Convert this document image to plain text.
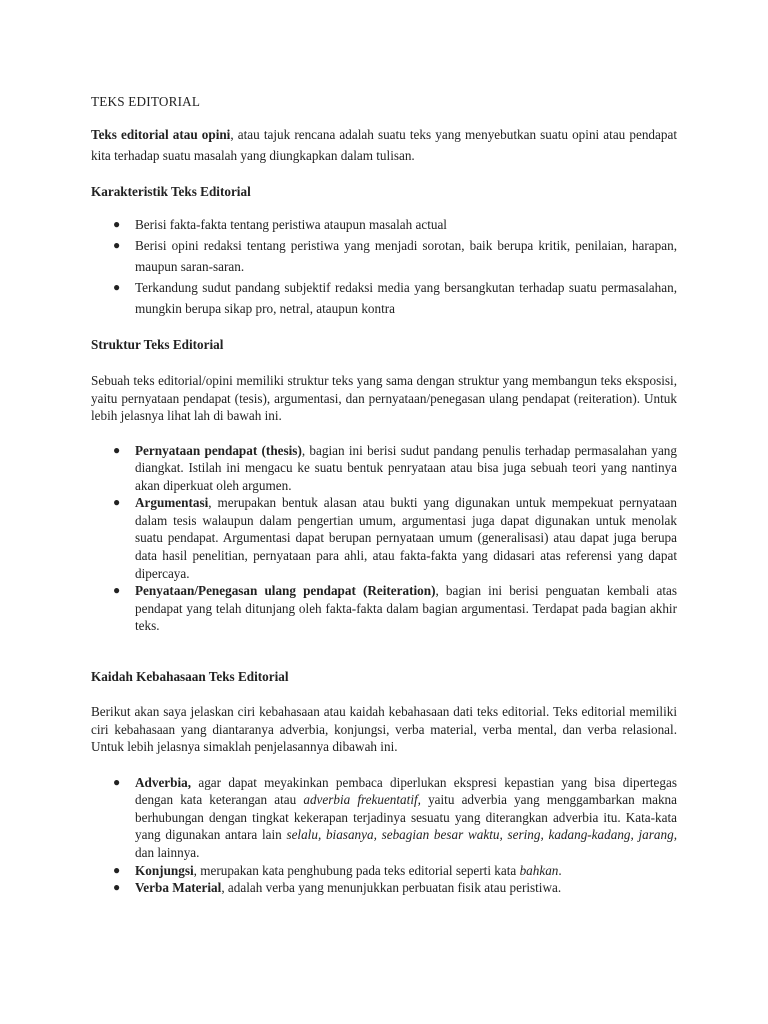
TEKS EDITORIAL

Teks editorial atau opini, atau tajuk rencana adalah suatu teks yang menyebutkan suatu opini atau pendapat kita terhadap suatu masalah yang diungkapkan dalam tulisan.

Karakteristik Teks Editorial
● Berisi fakta-fakta tentang peristiwa ataupun masalah actual
● Berisi opini redaksi tentang peristiwa yang menjadi sorotan, baik berupa kritik, penilaian, harapan, maupun saran-saran.
● Terkandung sudut pandang subjektif redaksi media yang bersangkutan terhadap suatu permasalahan, mungkin berupa sikap pro, netral, ataupun kontra
Struktur Teks Editorial

Sebuah teks editorial/opini memiliki struktur teks yang sama dengan struktur yang membangun teks eksposisi, yaitu pernyataan pendapat (tesis), argumentasi, dan pernyataan/penegasan ulang pendapat (reiteration). Untuk lebih jelasnya lihat lah di bawah ini.

● Pernyataan pendapat (thesis), bagian ini berisi sudut pandang penulis terhadap permasalahan yang diangkat. Istilah ini mengacu ke suatu bentuk penryataan atau bisa juga sebuah teori yang nantinya akan diperkuat oleh argumen.
● Argumentasi, merupakan bentuk alasan atau bukti yang digunakan untuk mempekuat pernyataan dalam tesis walaupun dalam pengertian umum, argumentasi juga dapat digunakan untuk menolak suatu pendapat. Argumentasi dapat berupan pernyataan umum (generalisasi) atau dapat juga berupa data hasil penelitian, pernyataan para ahli, atau fakta-fakta yang didasari atas referensi yang dapat dipercaya.
● Penyataan/Penegasan ulang pendapat (Reiteration), bagian ini berisi penguatan kembali atas pendapat yang telah ditunjang oleh fakta-fakta dalam bagian argumentasi. Terdapat pada bagian akhir teks.
Kaidah Kebahasaan Teks Editorial

Berikut akan saya jelaskan ciri kebahasaan atau kaidah kebahasaan dati teks editorial. Teks editorial memiliki ciri kebahasaan yang diantaranya adverbia, konjungsi, verba material, verba mental, dan verba relasional. Untuk lebih jelasnya simaklah penjelasannya dibawah ini.

● Adverbia, agar dapat meyakinkan pembaca diperlukan ekspresi kepastian yang bisa dipertegas dengan kata keterangan atau adverbia frekuentatif, yaitu adverbia yang menggambarkan makna berhubungan dengan tingkat kekerapan terjadinya sesuatu yang diterangkan adverbia itu. Kata-kata yang digunakan antara lain selalu, biasanya, sebagian besar waktu, sering, kadang-kadang, jarang, dan lainnya.
● Konjungsi, merupakan kata penghubung pada teks editorial seperti kata bahkan.
● Verba Material, adalah verba yang menunjukkan perbuatan fisik atau peristiwa.
